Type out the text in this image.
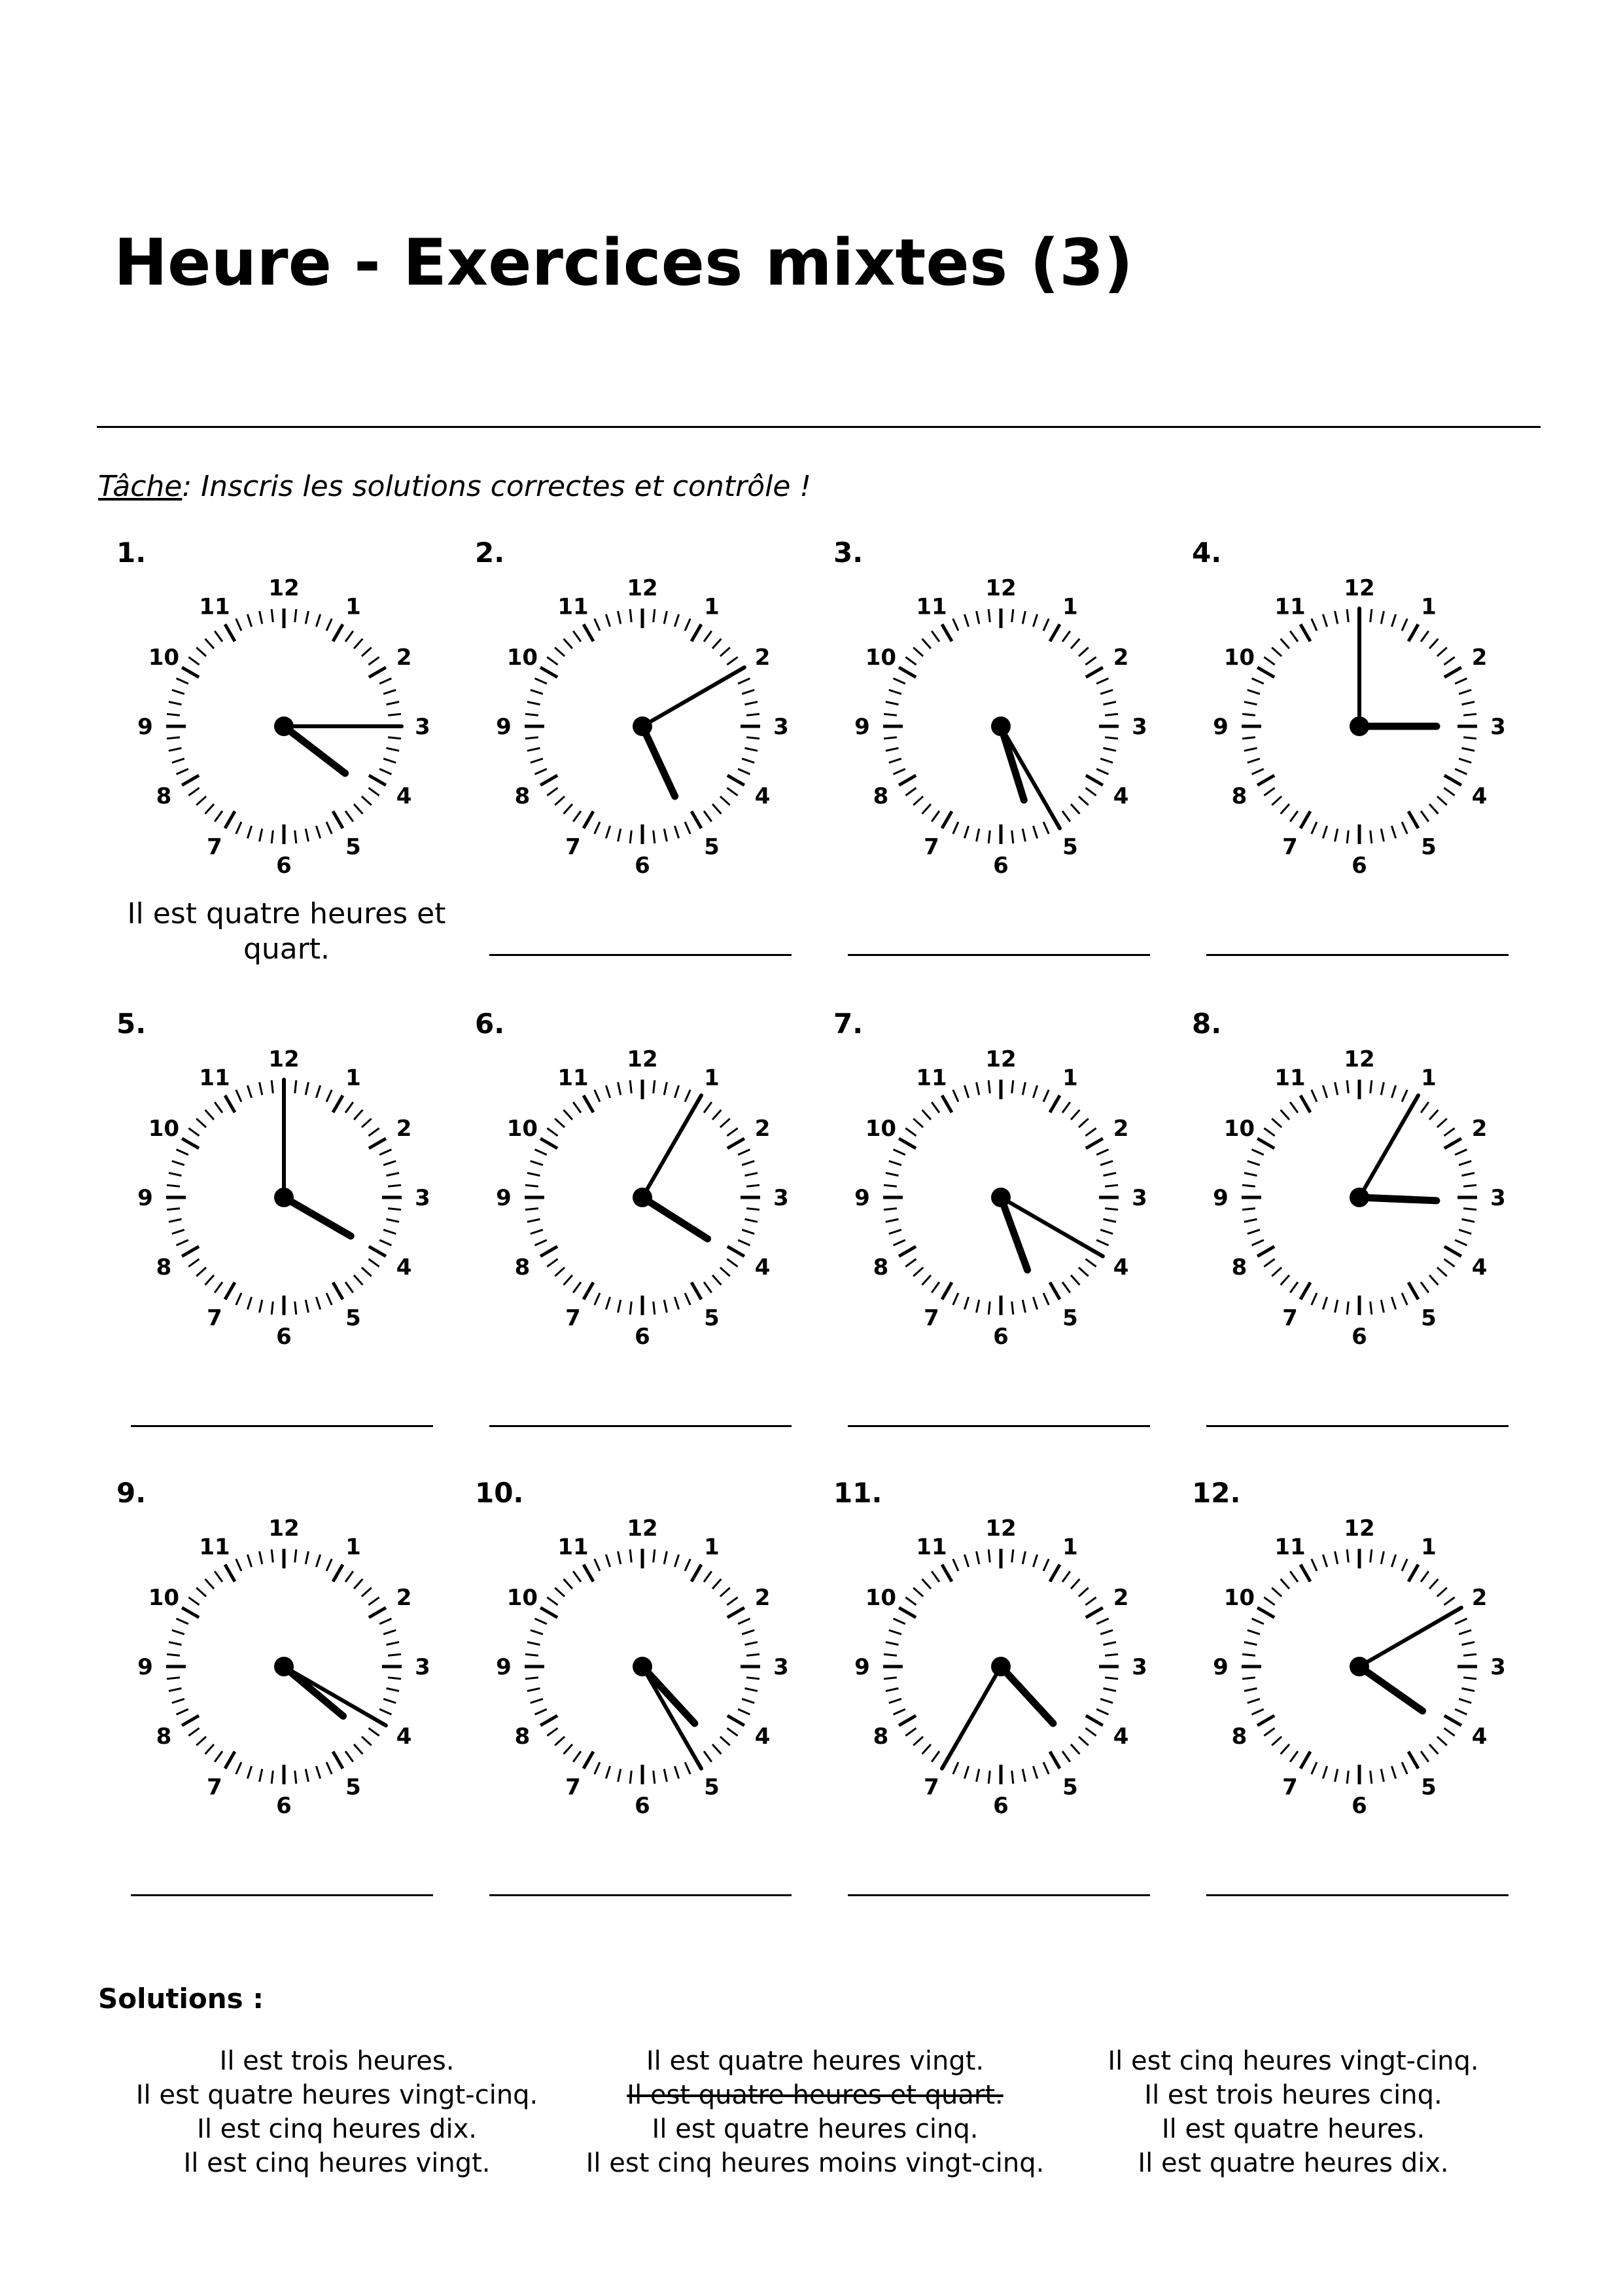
Heure - Exercices mixtes (3)
Tâche: Inscris les solutions correctes et contrôle !
1.
12
1
2
3
4
5
6
7
8
9
10
11
Il est quatre heures et quart.
2.
12
1
2
3
4
5
6
7
8
9
10
11
3.
12
1
2
3
4
5
6
7
8
9
10
11
4.
12
1
2
3
4
5
6
7
8
9
10
11
5.
12
1
2
3
4
5
6
7
8
9
10
11
6.
12
1
2
3
4
5
6
7
8
9
10
11
7.
12
1
2
3
4
5
6
7
8
9
10
11
8.
12
1
2
3
4
5
6
7
8
9
10
11
9.
12
1
2
3
4
5
6
7
8
9
10
11
10.
12
1
2
3
4
5
6
7
8
9
10
11
11.
12
1
2
3
4
5
6
7
8
9
10
11
12.
12
1
2
3
4
5
6
7
8
9
10
11
Solutions :
Il est trois heures.
Il est quatre heures vingt-cinq.
Il est cinq heures dix.
Il est cinq heures vingt.
Il est quatre heures vingt.
Il est quatre heures et quart.
Il est quatre heures cinq.
Il est cinq heures moins vingt-cinq.
Il est cinq heures vingt-cinq.
Il est trois heures cinq.
Il est quatre heures.
Il est quatre heures dix.
